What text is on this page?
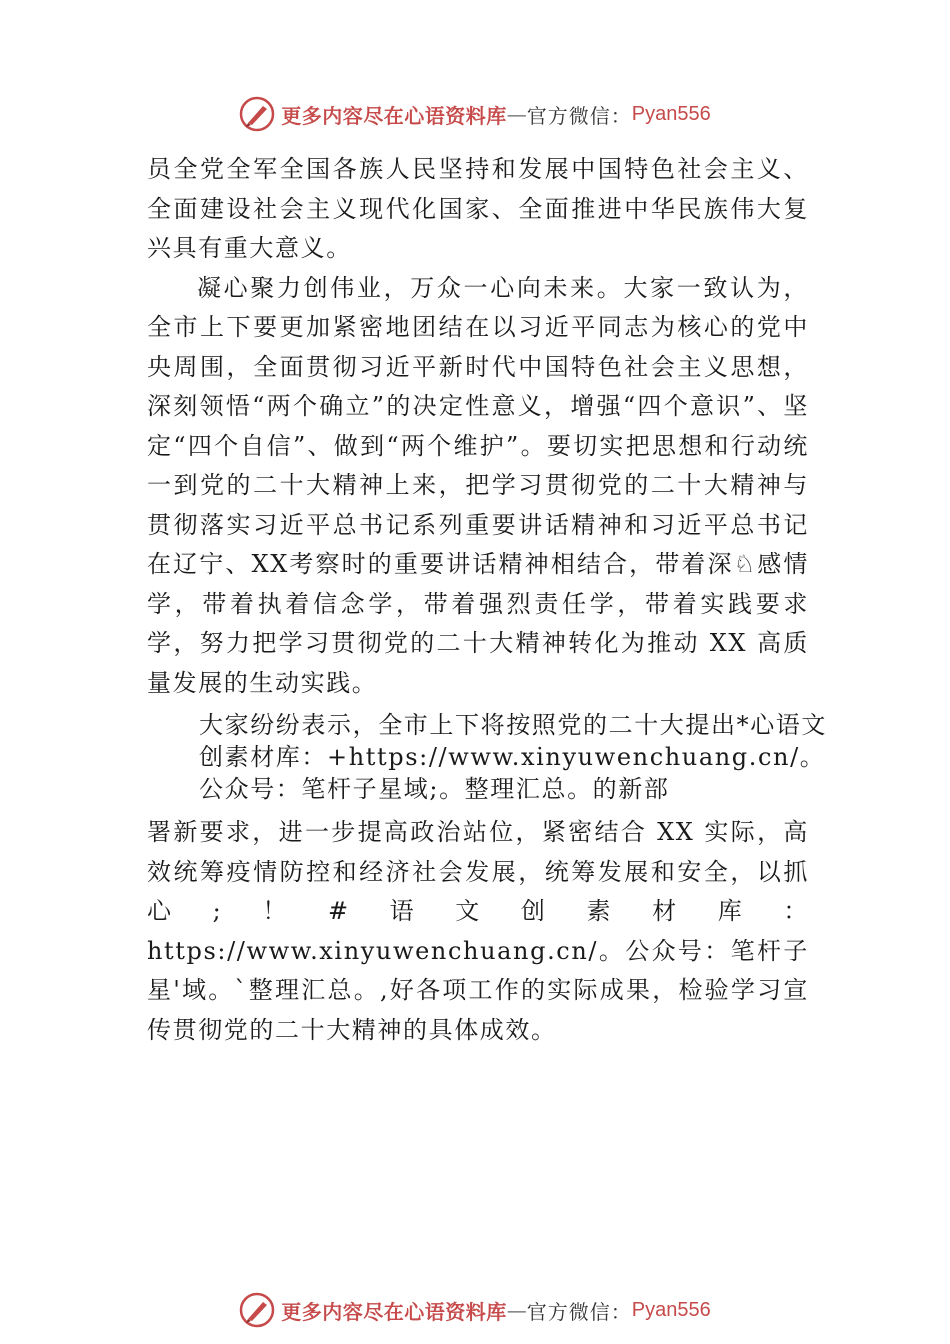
更多内容尽在心语资料库 — 官方微信： Pyan556

员全党全军全国各族人民坚持和发展中国特色社会主义、全面建设社会主义现代化国家、全面推进中华民族伟大复兴具有重大意义。

凝心聚力创伟业，万众一心向未来。大家一致认为，全市上下要更加紧密地团结在以习近平同志为核心的党中央周围，全面贯彻习近平新时代中国特色社会主义思想，深刻领悟“两个确立”的决定性意义，增强“四个意识”、坚定“四个自信”、做到“两个维护”。要切实把思想和行动统一到党的二十大精神上来，把学习贯彻党的二十大精神与贯彻落实习近平总书记系列重要讲话精神和习近平总书记在辽宁、XX考察时的重要讲话精神相结合，带着深♘感情学，带着执着信念学，带着强烈责任学，带着实践要求学，努力把学习贯彻党的二十大精神转化为推动 XX 高质量发展的生动实践。

大家纷纷表示，全市上下将按照党的二十大提出*心语文创素材库：+https://www.xinyuwenchuang.cn/。公众号：笔杆子星域;。整理汇总。的新部

署新要求，进一步提高政治站位，紧密结合 XX 实际，高效统筹疫情防控和经济社会发展，统筹发展和安全，以抓心;！#语文创素材库：https://www.xinyuwenchuang.cn/。公众号：笔杆子星'域。`整理汇总。,好各项工作的实际成果，检验学习宣传贯彻党的二十大精神的具体成效。

更多内容尽在心语资料库 — 官方微信： Pyan556
